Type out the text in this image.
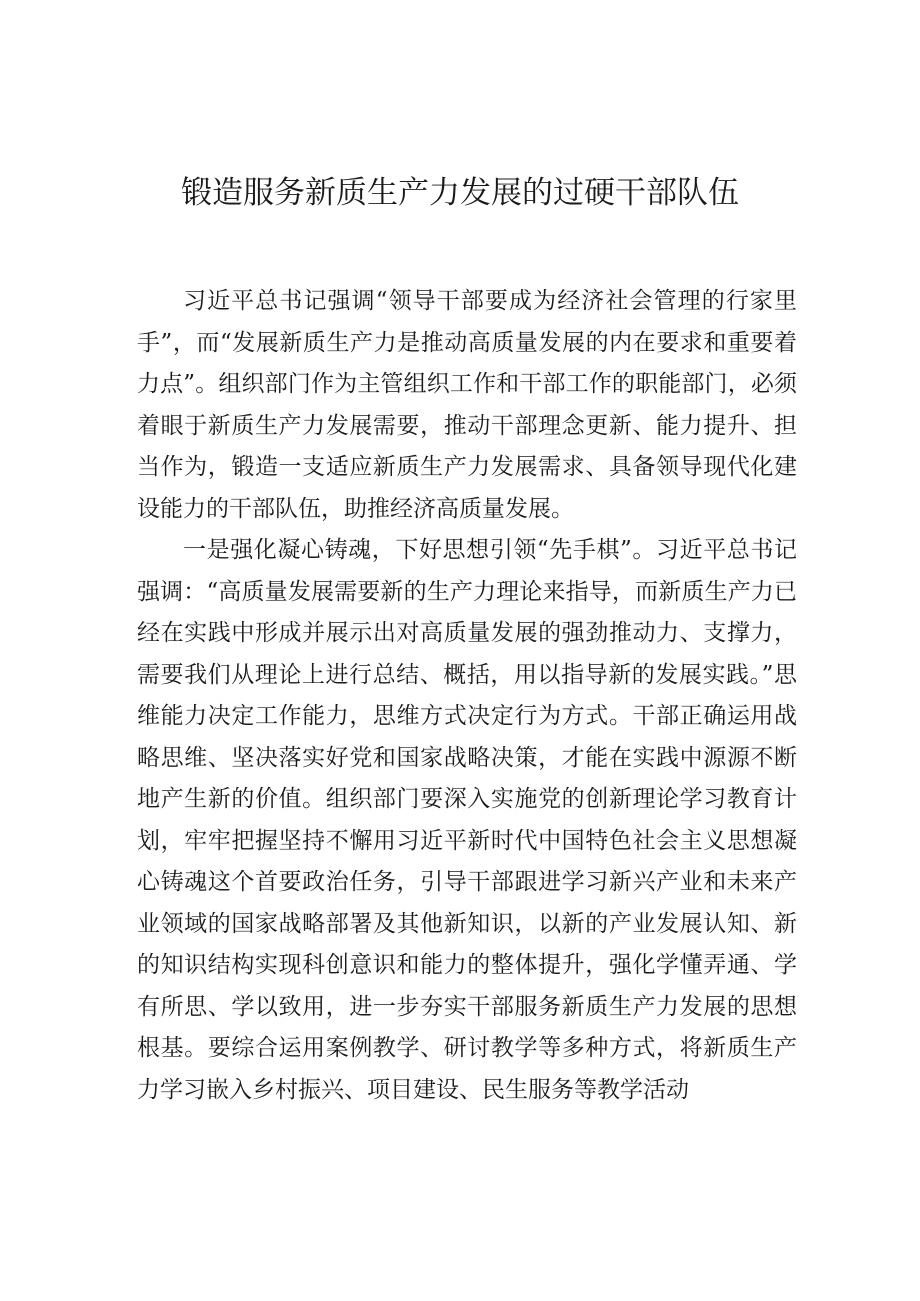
锻造服务新质生产力发展的过硬干部队伍

习近平总书记强调“领导干部要成为经济社会管理的行家里手”，而“发展新质生产力是推动高质量发展的内在要求和重要着力点”。组织部门作为主管组织工作和干部工作的职能部门，必须着眼于新质生产力发展需要，推动干部理念更新、能力提升、担当作为，锻造一支适应新质生产力发展需求、具备领导现代化建设能力的干部队伍，助推经济高质量发展。

一是强化凝心铸魂，下好思想引领“先手棋”。习近平总书记强调：“高质量发展需要新的生产力理论来指导，而新质生产力已经在实践中形成并展示出对高质量发展的强劲推动力、支撑力，需要我们从理论上进行总结、概括，用以指导新的发展实践。”思维能力决定工作能力，思维方式决定行为方式。干部正确运用战略思维、坚决落实好党和国家战略决策，才能在实践中源源不断地产生新的价值。组织部门要深入实施党的创新理论学习教育计划，牢牢把握坚持不懈用习近平新时代中国特色社会主义思想凝心铸魂这个首要政治任务，引导干部跟进学习新兴产业和未来产业领域的国家战略部署及其他新知识，以新的产业发展认知、新的知识结构实现科创意识和能力的整体提升，强化学懂弄通、学有所思、学以致用，进一步夯实干部服务新质生产力发展的思想根基。要综合运用案例教学、研讨教学等多种方式，将新质生产力学习嵌入乡村振兴、项目建设、民生服务等教学活动
